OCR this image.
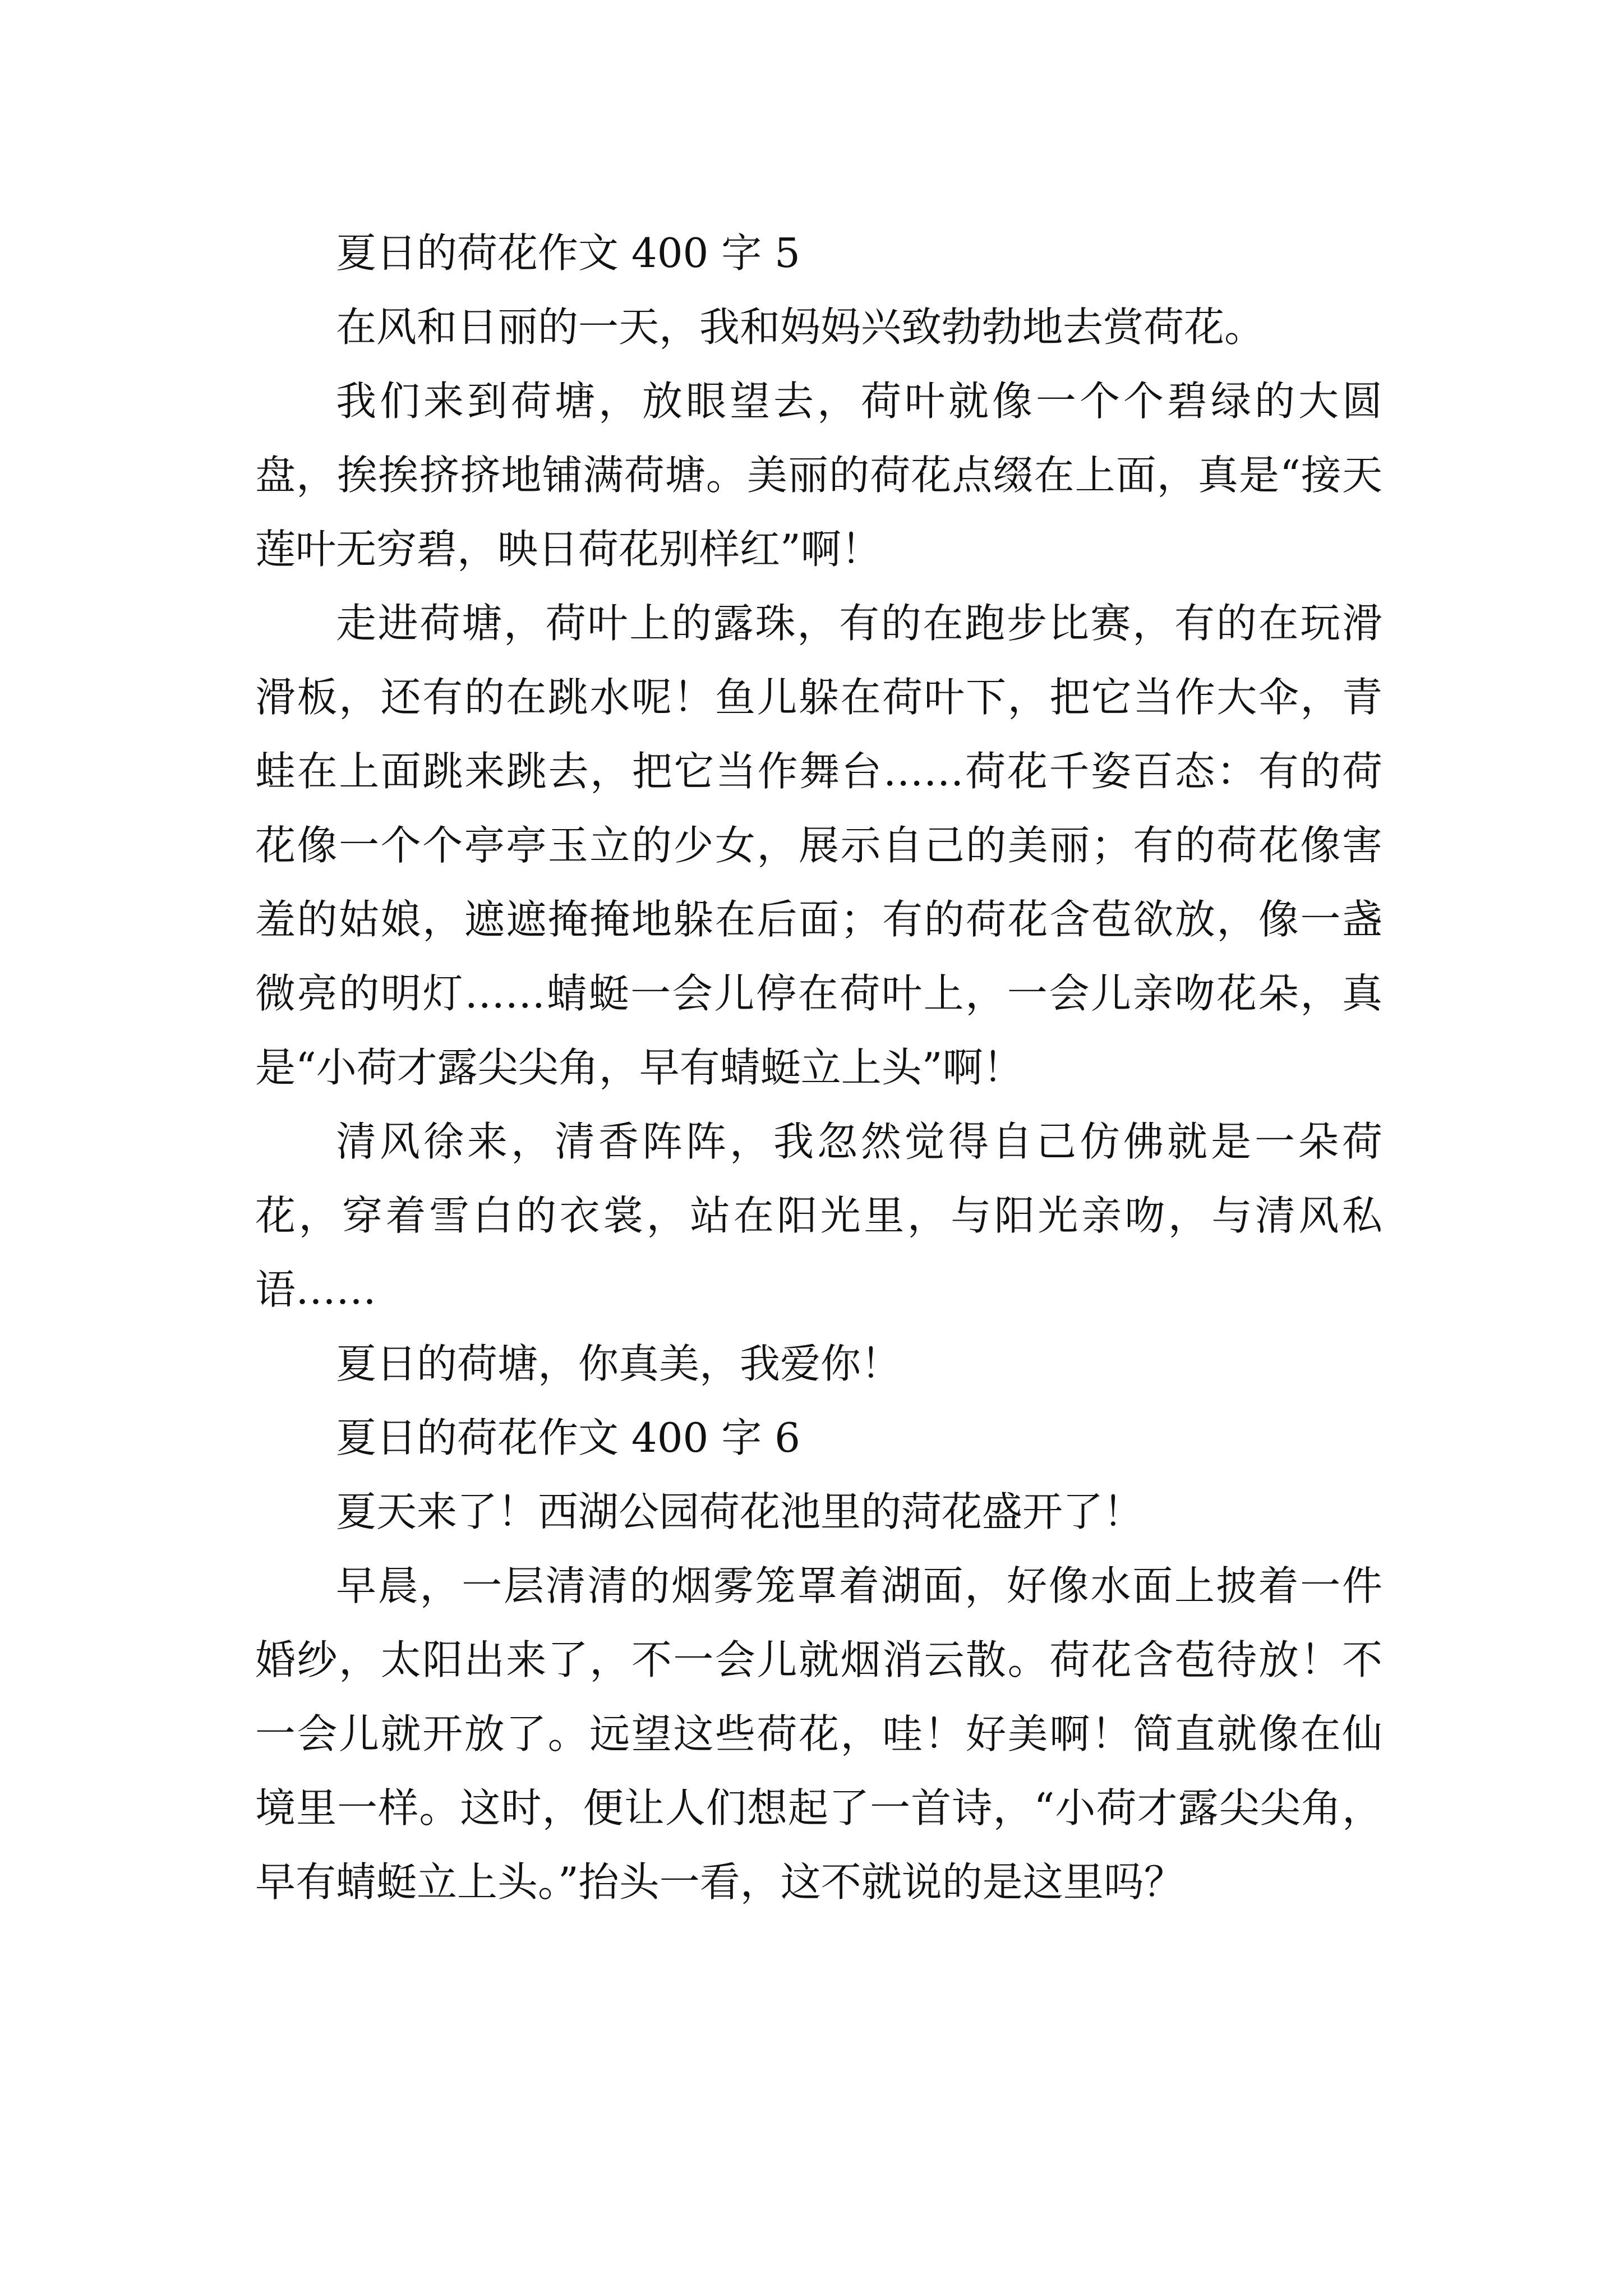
夏日的荷花作文 400 字 5

在风和日丽的一天，我和妈妈兴致勃勃地去赏荷花。

我们来到荷塘，放眼望去，荷叶就像一个个碧绿的大圆盘，挨挨挤挤地铺满荷塘。美丽的荷花点缀在上面，真是“接天莲叶无穷碧，映日荷花别样红”啊！

走进荷塘，荷叶上的露珠，有的在跑步比赛，有的在玩滑滑板，还有的在跳水呢！鱼儿躲在荷叶下，把它当作大伞，青蛙在上面跳来跳去，把它当作舞台……荷花千姿百态：有的荷花像一个个亭亭玉立的少女，展示自己的美丽；有的荷花像害羞的姑娘，遮遮掩掩地躲在后面；有的荷花含苞欲放，像一盏微亮的明灯……蜻蜓一会儿停在荷叶上，一会儿亲吻花朵，真是“小荷才露尖尖角，早有蜻蜓立上头”啊！

清风徐来，清香阵阵，我忽然觉得自己仿佛就是一朵荷花，穿着雪白的衣裳，站在阳光里，与阳光亲吻，与清风私语……

夏日的荷塘，你真美，我爱你！

夏日的荷花作文 400 字 6

夏天来了！西湖公园荷花池里的菏花盛开了！

早晨，一层清清的烟雾笼罩着湖面，好像水面上披着一件婚纱，太阳出来了，不一会儿就烟消云散。荷花含苞待放！不一会儿就开放了。远望这些荷花，哇！好美啊！简直就像在仙境里一样。这时，便让人们想起了一首诗，“小荷才露尖尖角，早有蜻蜓立上头。”抬头一看，这不就说的是这里吗？
